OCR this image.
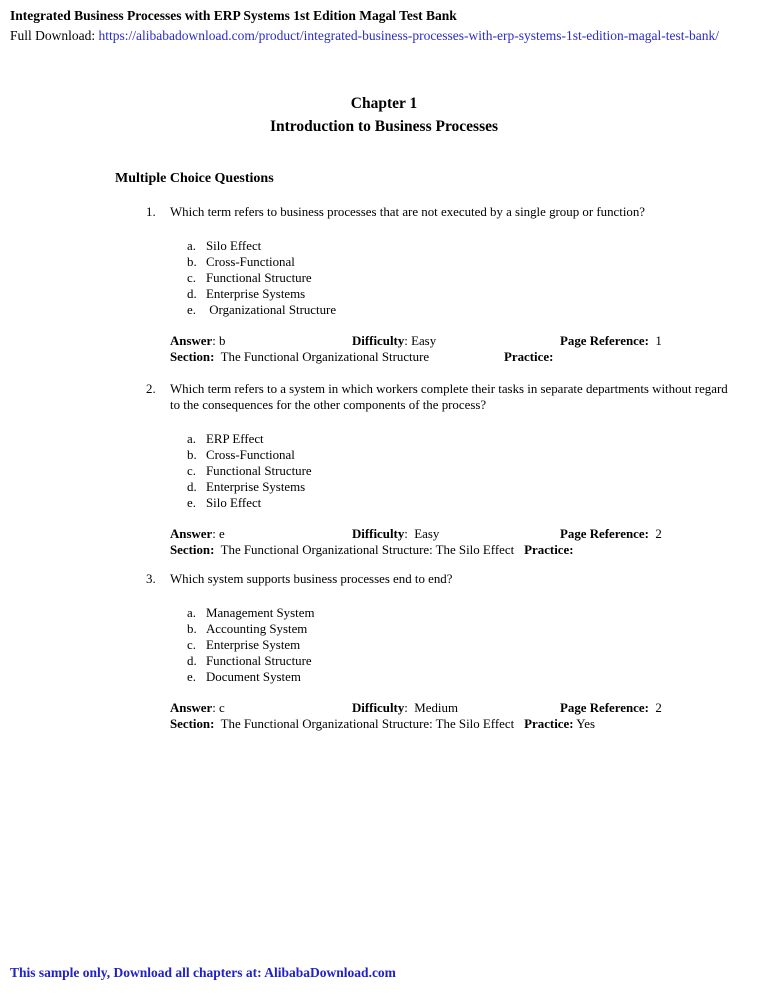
Integrated Business Processes with ERP Systems 1st Edition Magal Test Bank
Full Download: https://alibabadownload.com/product/integrated-business-processes-with-erp-systems-1st-edition-magal-test-bank/
Chapter 1
Introduction to Business Processes
Multiple Choice Questions
1.	Which term refers to business processes that are not executed by a single group or function?
a. Silo Effect
b. Cross-Functional
c. Functional Structure
d. Enterprise Systems
e. Organizational Structure
Answer: b	Difficulty: Easy	Page Reference:  1
Section:  The Functional Organizational Structure	Practice:
2.	Which term refers to a system in which workers complete their tasks in separate departments without regard to the consequences for the other components of the process?
a. ERP Effect
b. Cross-Functional
c. Functional Structure
d. Enterprise Systems
e. Silo Effect
Answer: e	Difficulty:  Easy	Page Reference:  2
Section:  The Functional Organizational Structure: The Silo Effect Practice:
3.	Which system supports business processes end to end?
a. Management System
b. Accounting System
c. Enterprise System
d. Functional Structure
e. Document System
Answer: c	Difficulty:  Medium	Page Reference:  2
Section:  The Functional Organizational Structure: The Silo Effect Practice: Yes
This sample only, Download all chapters at: AlibabaDownload.com
